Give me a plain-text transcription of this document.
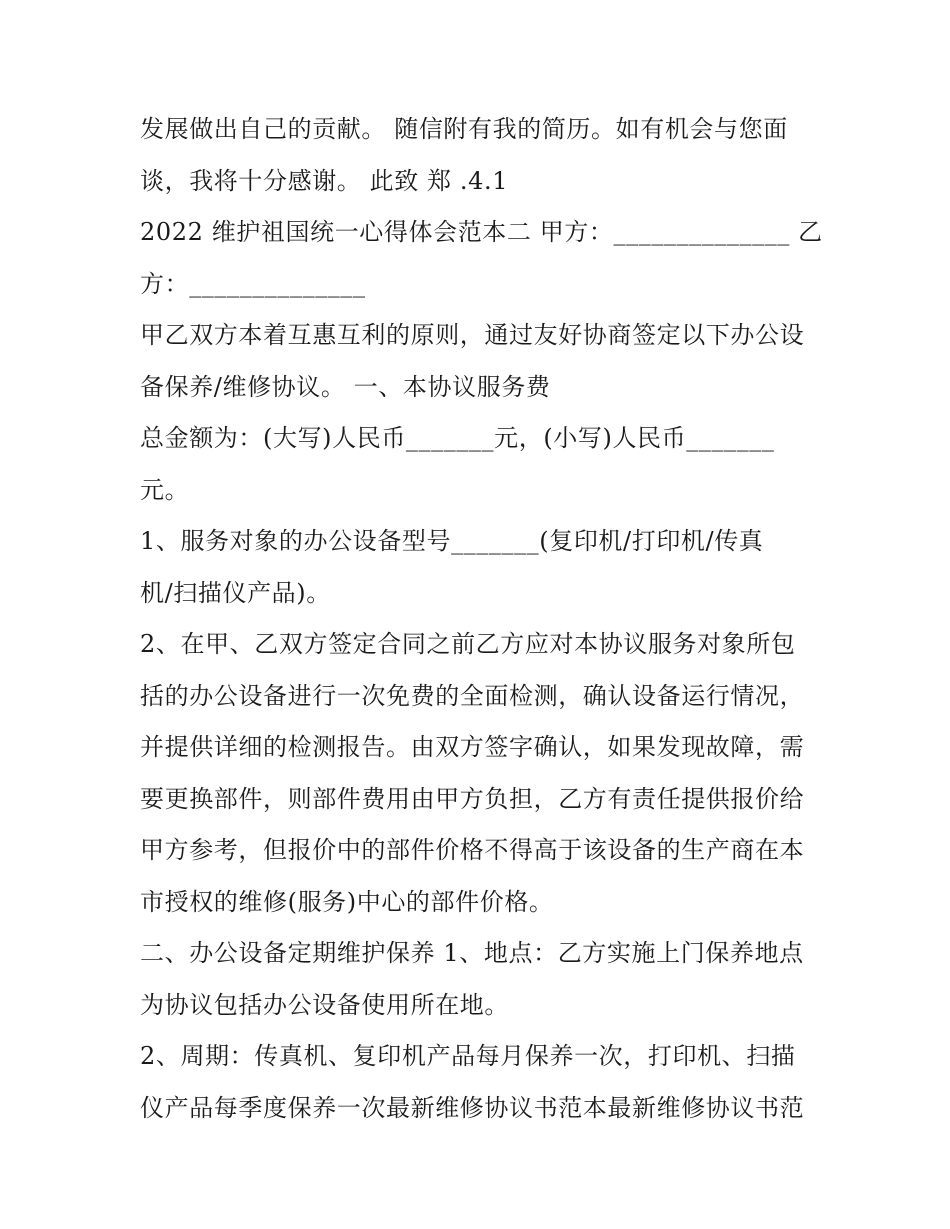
发展做出自己的贡献。 随信附有我的简历。如有机会与您面
谈，我将十分感谢。 此致 郑 .4.1
2022 维护祖国统一心得体会范本二 甲方：______________ 乙
方：______________
甲乙双方本着互惠互利的原则，通过友好协商签定以下办公设
备保养/维修协议。 一、本协议服务费
总金额为：(大写)人民币_______元，(小写)人民币_______
元。
1、服务对象的办公设备型号_______(复印机/打印机/传真
机/扫描仪产品)。
2、在甲、乙双方签定合同之前乙方应对本协议服务对象所包
括的办公设备进行一次免费的全面检测，确认设备运行情况，
并提供详细的检测报告。由双方签字确认，如果发现故障，需
要更换部件，则部件费用由甲方负担，乙方有责任提供报价给
甲方参考，但报价中的部件价格不得高于该设备的生产商在本
市授权的维修(服务)中心的部件价格。
二、办公设备定期维护保养 1、地点：乙方实施上门保养地点
为协议包括办公设备使用所在地。
2、周期：传真机、复印机产品每月保养一次，打印机、扫描
仪产品每季度保养一次最新维修协议书范本最新维修协议书范
